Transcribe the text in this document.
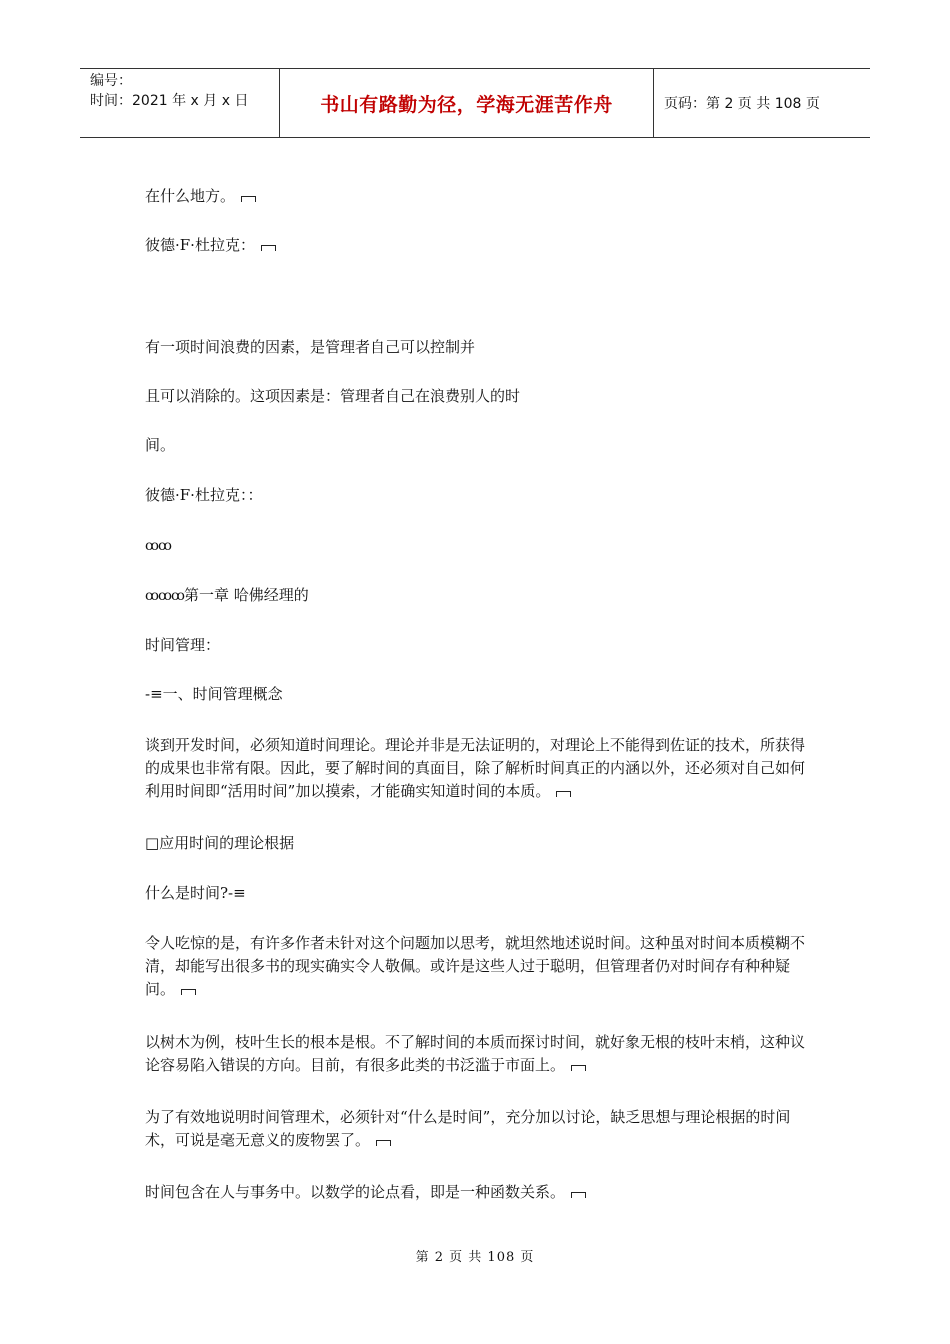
编号：
时间：2021 年 x 月 x 日	书山有路勤为径，学海无涯苦作舟	页码：第 2 页 共 108 页

在什么地方。

彼德·F·杜拉克：

有一项时间浪费的因素，是管理者自己可以控制并

且可以消除的。这项因素是：管理者自己在浪费别人的时

间。

彼德·F·杜拉克：：

ꝏꝏ

ꝏꝏꝏ第一章 哈佛经理的

时间管理：

-≡一、时间管理概念

谈到开发时间，必须知道时间理论。理论并非是无法证明的，对理论上不能得到佐证的技术，所获得的成果也非常有限。因此，要了解时间的真面目，除了解析时间真正的内涵以外，还必须对自己如何利用时间即“活用时间”加以摸索，才能确实知道时间的本质。

□应用时间的理论根据

什么是时间?-≡

令人吃惊的是，有许多作者未针对这个问题加以思考，就坦然地述说时间。这种虽对时间本质模糊不清，却能写出很多书的现实确实令人敬佩。或许是这些人过于聪明，但管理者仍对时间存有种种疑问。

以树木为例，枝叶生长的根本是根。不了解时间的本质而探讨时间，就好象无根的枝叶末梢，这种议论容易陷入错误的方向。目前，有很多此类的书泛滥于市面上。

为了有效地说明时间管理术，必须针对“什么是时间”，充分加以讨论，缺乏思想与理论根据的时间术，可说是毫无意义的废物罢了。

时间包含在人与事务中。以数学的论点看，即是一种函数关系。

第 2 页 共 108 页
